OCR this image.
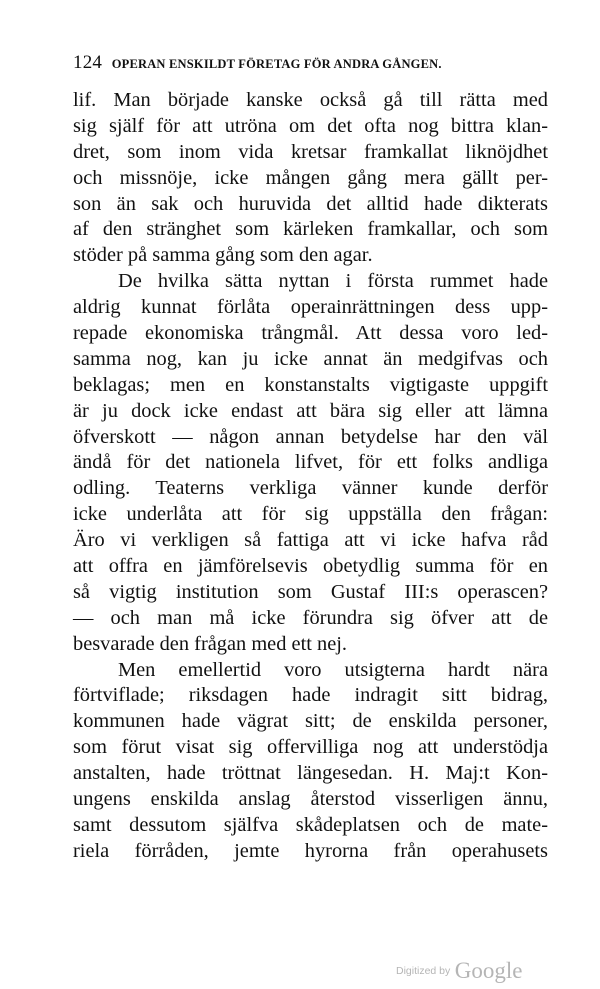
124 OPERAN ENSKILDT FÖRETAG FÖR ANDRA GÅNGEN.
lif. Man började kanske också gå till rätta med
sig själf för att utröna om det ofta nog bittra klan-
dret, som inom vida kretsar framkallat liknöjdhet
och missnöje, icke mången gång mera gällt per-
son än sak och huruvida det alltid hade dikterats
af den stränghet som kärleken framkallar, och som
stöder på samma gång som den agar.
De hvilka sätta nyttan i första rummet hade
aldrig kunnat förlåta operainrättningen dess upp-
repade ekonomiska trångmål. Att dessa voro led-
samma nog, kan ju icke annat än medgifvas och
beklagas; men en konstanstalts vigtigaste uppgift
är ju dock icke endast att bära sig eller att lämna
öfverskott — någon annan betydelse har den väl
ändå för det nationela lifvet, för ett folks andliga
odling. Teaterns verkliga vänner kunde derför
icke underlåta att för sig uppställa den frågan:
Äro vi verkligen så fattiga att vi icke hafva råd
att offra en jämförelsevis obetydlig summa för en
så vigtig institution som Gustaf III:s operascen?
— och man må icke förundra sig öfver att de
besvarade den frågan med ett nej.
Men emellertid voro utsigterna hardt nära
förtviflade; riksdagen hade indragit sitt bidrag,
kommunen hade vägrat sitt; de enskilda personer,
som förut visat sig offervilliga nog att understödja
anstalten, hade tröttnat längesedan. H. Maj:t Kon-
ungens enskilda anslag återstod visserligen ännu,
samt dessutom själfva skådeplatsen och de mate-
riela förråden, jemte hyrorna från operahusets
Digitized by Google
